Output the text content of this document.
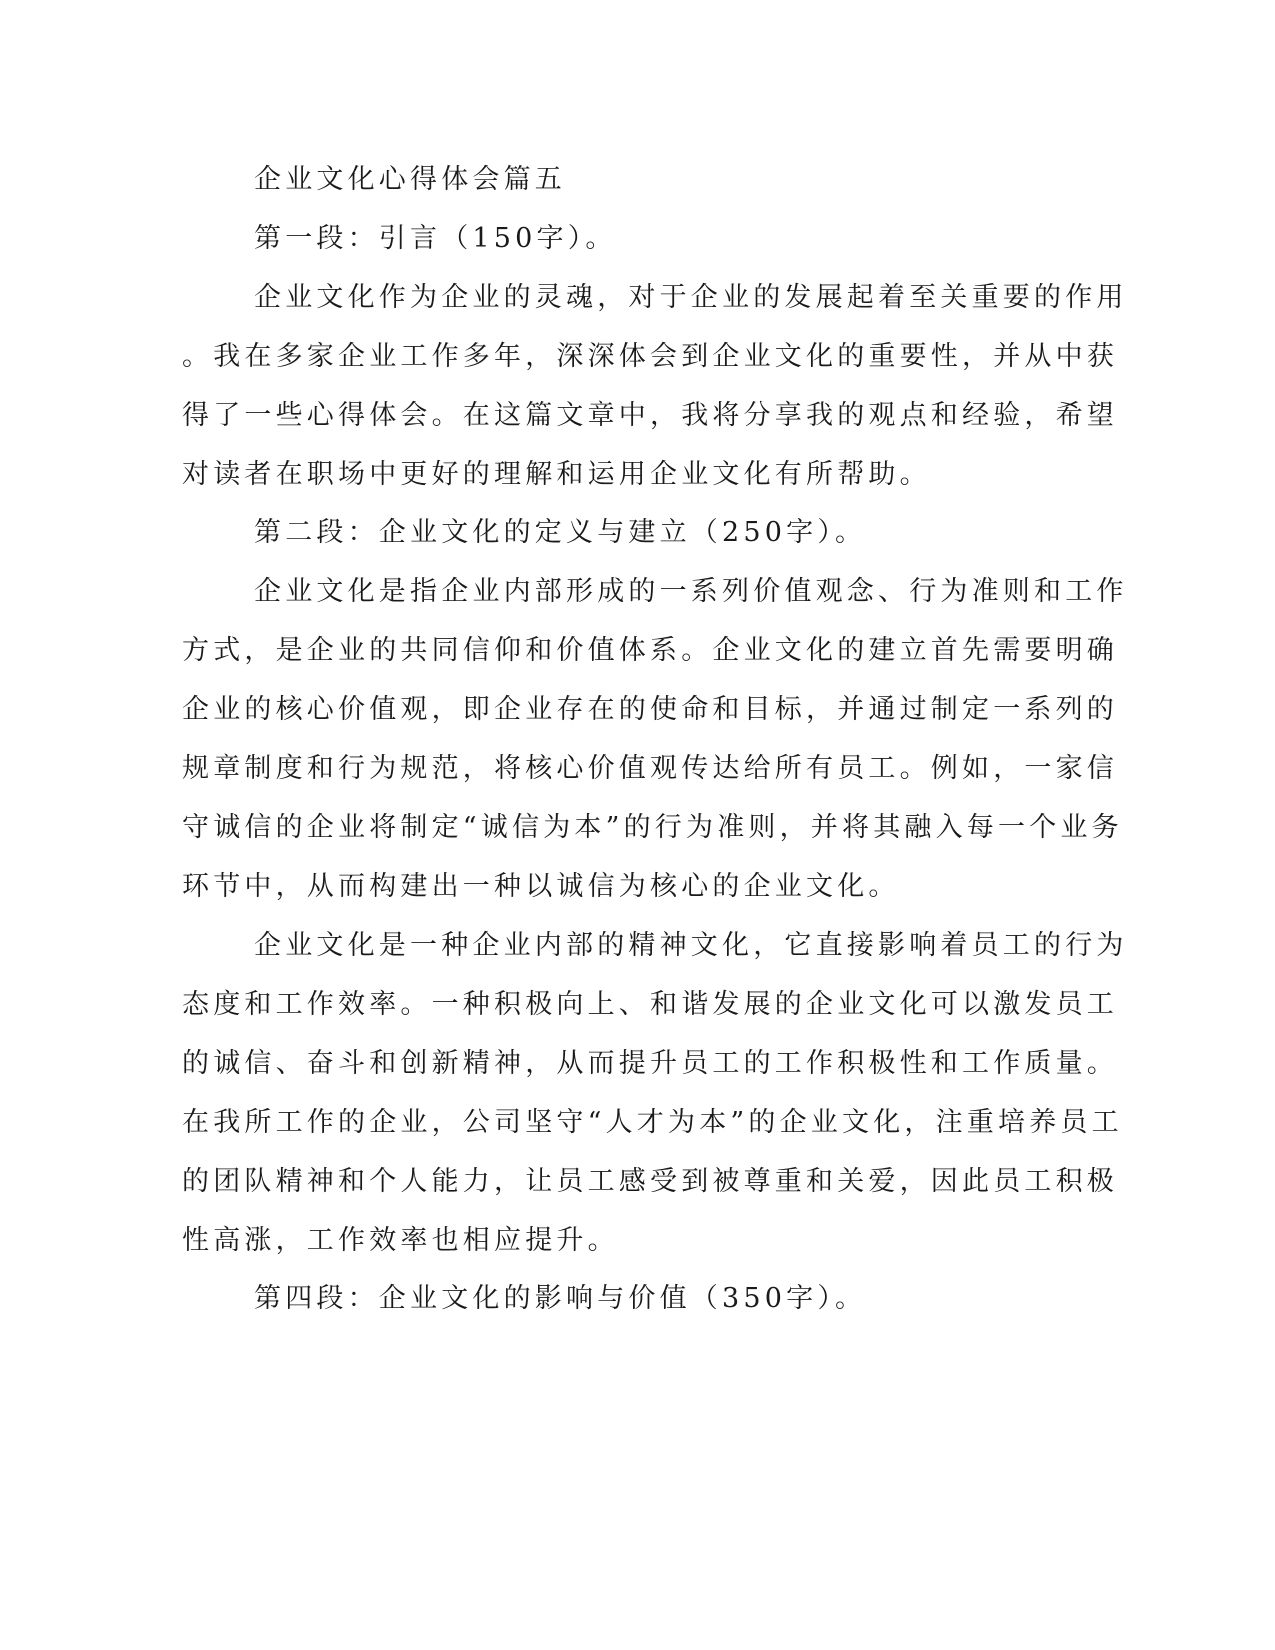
企业文化心得体会篇五
第一段：引言（150字）。
企业文化作为企业的灵魂，对于企业的发展起着至关重要的作用
。我在多家企业工作多年，深深体会到企业文化的重要性，并从中获
得了一些心得体会。在这篇文章中，我将分享我的观点和经验，希望
对读者在职场中更好的理解和运用企业文化有所帮助。
第二段：企业文化的定义与建立（250字）。
企业文化是指企业内部形成的一系列价值观念、行为准则和工作
方式，是企业的共同信仰和价值体系。企业文化的建立首先需要明确
企业的核心价值观，即企业存在的使命和目标，并通过制定一系列的
规章制度和行为规范，将核心价值观传达给所有员工。例如，一家信
守诚信的企业将制定“诚信为本”的行为准则，并将其融入每一个业务
环节中，从而构建出一种以诚信为核心的企业文化。
企业文化是一种企业内部的精神文化，它直接影响着员工的行为
态度和工作效率。一种积极向上、和谐发展的企业文化可以激发员工
的诚信、奋斗和创新精神，从而提升员工的工作积极性和工作质量。
在我所工作的企业，公司坚守“人才为本”的企业文化，注重培养员工
的团队精神和个人能力，让员工感受到被尊重和关爱，因此员工积极
性高涨，工作效率也相应提升。
第四段：企业文化的影响与价值（350字）。
